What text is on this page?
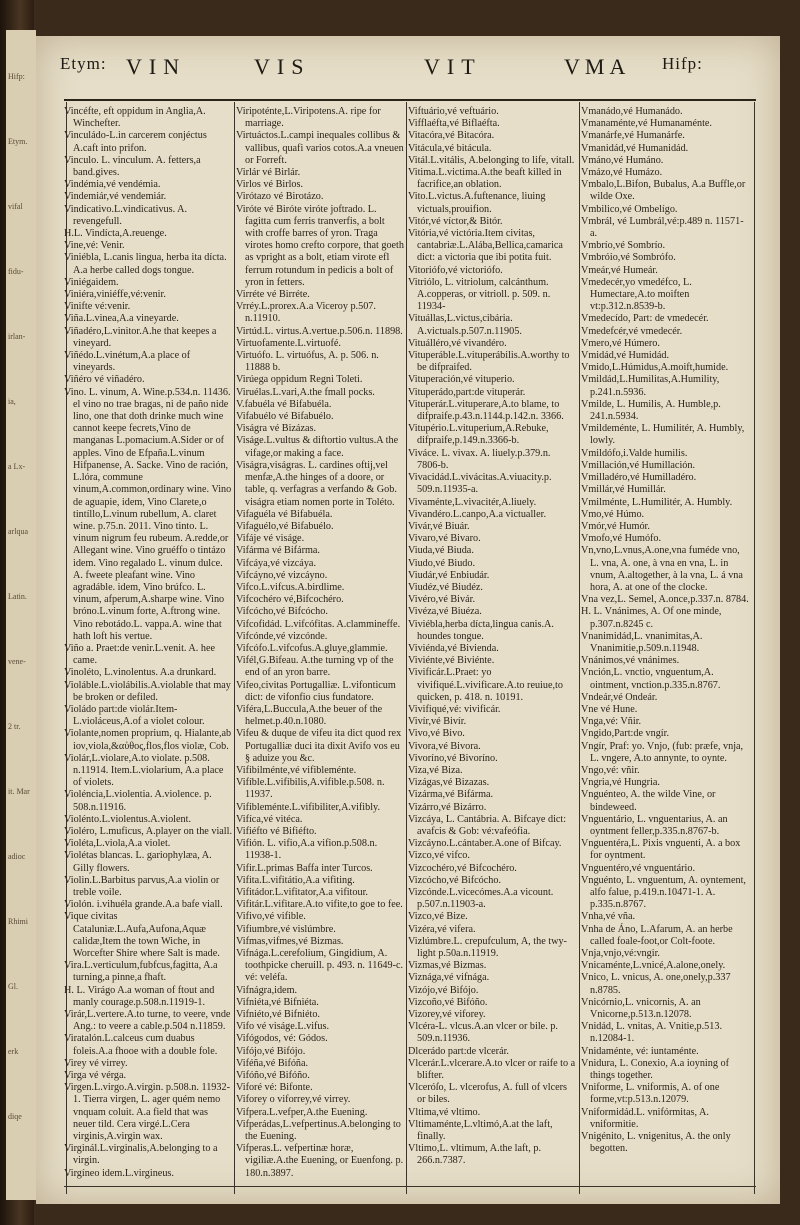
Hifp:
Etym.
vifal
fidu-
irlan-
ia,
a Lx-
arlqua
Latin.
vene-
2 tr.
it. Mar
adioc
Rhimi
Gl.
erk
diqe
Etym: VIN	VIS	VIT	VMA Hifp:
Vincéfte, eft oppidum in Anglia,A. Winchefter.
Vinculádo-L.in carcerem conjéctus A.caft into prifon.
Vinculo. L. vinculum. A. fetters,a band.gives.
Vindémia,vé vendémia.
Vindemiár,vé vendemiár.
Vindicativo.L.vindicativus. A. revengefull.
H.L. Vindícta,A.reuenge.
Vine,vé: Venir.
Viniébla, L.canis lingua, herba ita dícta. A.a herbe called dogs tongue.
Viniégaidem.
Viniéra,viniéffe,vé:venir.
Vinifte vé:venir.
Viña.L.vinea,A.a vineyarde.
Viñadéro,L.vinitor.A.he that keepes a vineyard.
Viñédo.L.vinétum,A.a place of vineyards.
Viñéro vé viñadéro.
Vino. L. vinum, A. Wine.p.534.n. 11436. el vino no trae bragas, ni de paño nide lino, one that doth drinke much wine cannot keepe fecrets,Vino de manganas L.pomacium.A.Sider or of apples. Vino de Efpaña.L.vinum Hifpanense, A. Sacke. Vino de ración, L.lóra, commune vinum,A.common,ordinary wine. Vino de aguapie, idem, Vino Clarete,o tintíllo,L.vinum rubellum, A. claret wine. p.75.n. 2011. Vino tinto. L. vinum nigrum feu rubeum. A.redde,or Allegant wine. Vino gruéffo o tintázo idem. Vino regalado L. vinum dulce. A. fweete pleafant wine. Vino agradáble. idem, Vino brúfco. L. vinum, afperum,A.sharpe wine. Vino bróno.L.vinum forte, A.ftrong wine. Vino rebotádo.L. vappa.A. wine that hath loft his vertue.
Viño a. Praet:de venir.L.venit. A. hee came.
Vinoléto, L.vinolentus. A.a drunkard.
Violáble.L.violábilis.A.violable that may be broken or defiled.
Violádo part:de violár.Item-L.violáceus,A.of a violet colour.
Violante,nomen proprium, q. Hialante,ab ioν,viola,&αὐθος,flos,flos violæ, Cob.
Violár,L.violare,A.to violate. p.508. n.11914. Item.L.violarium, A.a place of violets.
Violéncia,L.violentia. A.violence. p. 508.n.11916.
Violénto.L.violentus.A.violent.
Violéro, L.muficus, A.player on the viall.
Violéta,L.viola,A.a violet.
Violétas blancas. L. gariophylæa, A. Gilly flowers.
Violin.L.Barbitus parvus,A.a violin or treble voile.
Violón. i.vihuéla grande.A.a bafe viall.
Vique civitas Cataluniæ.L.Aufa,Aufona,Aquæ calidæ,Item the town Wiche, in Worcefter Shire where Salt is made.
Vira.L.verticulum,fubfcus,fagitta, A.a turning,a pinne,a fhaft.
H. L. Virágo A.a woman of ftout and manly courage.p.508.n.11919-1.
Virár,L.vertere.A.to turne, to veere, vnde Ang.: to veere a cable.p.504 n.11859.
Viratalón.L.calceus cum duabus foleis.A.a fhooe with a double fole.
Virey vé virrey.
Virga vé vérga.
Virgen.L.virgo.A.virgin. p.508.n. 11932-1. Tierra virgen, L. ager quém nemo vnquam coluit. A.a field that was neuer tild. Cera virgé.L.Cera virginis,A.virgin wax.
Virginál.L.virginalis,A.belonging to a virgin.
Virgíneo idem.L.virgineus.
Viripoténte,L.Viripotens.A. ripe for marriage.
Virtuáctos.L.campi inequales collibus & vallibus, quafi varios cotos.A.a vneuen or Forreft.
Virlár vé Birlár.
Virlos vé Birlos.
Virótazo vé Birotázo.
Viróte vé Biróte viróte joftrado. L. fagitta cum ferris tranverfis, a bolt with croffe barres of yron. Traga virotes homo crefto corpore, that goeth as vpright as a bolt, etiam virote efl ferrum rotundum in pedicis a bolt of yron in fetters.
Virréte vé Birréte.
Vrréy.L.prorex.A.a Viceroy p.507. n.11910.
Virtúd.L. virtus.A.vertue.p.506.n. 11898.
Virtuofamente.L.virtuofé.
Virtuófo. L. virtuófus, A. p. 506. n. 11888 b.
Virúega oppidum Regni Toleti.
Viruélas.L.vari,A.the fmall pocks.
V.fabuéla vé Bifabuéla.
Vifabuélo vé Bifabuélo.
Viságra vé Bizázas.
Viságe.L.vultus & diftortio vultus.A the vifage,or making a face.
Viságra,viságras. L. cardines oftij,vel menfæ,A.the hinges of a doore, or table, q. verfagras a verfando & Gob. viságra etiam nomen porte in Toléto.
Vifaguéla vé Bifabuéla.
Vifaguélo,vé Bifabuélo.
Vifáje vé viságe.
Vifárma vé Bifárma.
Vifcáya,vé vizcáya.
Vifcáyno,vé vizcáyno.
Vifco.L.vifcus.A.birdlime.
Vifcochéro vé,Bifcochéro.
Vifcócho,vé Bifcócho.
Vifcofidád. L.vifcófitas. A.clammineffe.
Vifcónde,vé vizcónde.
Vifcófo.L.vifcofus.A.gluye,glammie.
Vifél,G.Bifeau. A.the turning vp of the end of an yron barre.
Vifeo,civitas Portugalliæ. L.vifonticum dict: de vifonfio cius fundatore.
Viféra,L.Buccula,A.the beuer of the helmet.p.40.n.1080.
Vifeu & duque de vifeu ita dict quod rex Portugalliæ duci ita dixit Avifo vos eu § aduize you &c.
Vifibilménte,vé vifibleménte.
Vifíble.L.vifibilis,A.vifible.p.508. n. 11937.
Vifibleménte.L.vifibiliter,A.vifibly.
Vifíca,vé vitéca.
Vifiéfto vé Bifiéfto.
Vifión. L. vifio,A.a vifion.p.508.n. 11938-1.
Vifir.L.primas Baffa inter Turcos.
Vifita.L.vifitátio,A.a vifiting.
Vifitádor.L.vifitator,A.a vifitour.
Vifitár.L.vifitare.A.to vifite,to goe to fee.
Vifivo,vé vifible.
Vifiumbre,vé vislúmbre.
Vifmas,vifmes,vé Bizmas.
Vifnága.L.cerefolium, Gingidium, A. toothpicke cheruill. p. 493. n. 11649-c. vé: veléfa.
Vifnágra,idem.
Vifniéta,vé Bifniéta.
Vifniéto,vé Bifniéto.
Vifo vé viságe.L.vifus.
Vifógodos, vé: Gódos.
Vifójo,vé Bifójo.
Viféña,vé Bifóña.
Vifóño,vé Bifóño.
Viforé vé: Bifonte.
Viforey o viforrey,vé virrey.
Vifpera.L.vefper,A.the Euening.
Vifperádas,L.vefpertinus.A.belonging to the Euening.
Vifperas.L. vefpertinæ horæ, vigiliæ.A.the Euening, or Euenfong. p. 180.n.3897.
Viftuário,vé veftuário.
Vifflaéfta,vé Biflaéfta.
Vitacóra,vé Bitacóra.
Vitácula,vé bitácula.
Vitál.L.vitális, A.belonging to life, vitall.
Vitima.L.victima.A.the beaft killed in facrifice,an oblation.
Vito.L.victus.A.fuftenance, liuing victuals,prouifion.
Vitór,vé víctor,& Bitór.
Vitória,vé victória.Item civitas, cantabriæ.L.Alába,Bellica,camarica dict: a victoria que ibi potita fuit.
Vitoriófo,vé victoriófo.
Vitriólo, L. vitriolum, calcánthum. A.copperas, or vitrioll. p. 509. n. 11934-
Vituállas,L.victus,cibária. A.victuals.p.507.n.11905.
Vituálléro,vé vivandéro.
Vituperáble.L.vituperábilis.A.worthy to be difpraifed.
Vituperación,vé vituperio.
Vituperádo,part:de vituperár.
Vituperár.L.vituperare,A.to blame, to difpraife.p.43.n.1144.p.142.n. 3366.
Vitupério.L.vituperium,A.Rebuke, difpraife,p.149.n.3366-b.
Viváce. L. vivax. A. liuely.p.379.n. 7806-b.
Vivacidád.L.vivácitas.A.viuacity.p. 509.n.11935-a.
Vivaménte,L.vivacitér,A.liuely.
Vivandéro.L.canpo,A.a victualler.
Vivár,vé Biuár.
Vivaro,vé Bivaro.
Viuda,vé Biuda.
Viudo,vé Biudo.
Viudár,vé Enbiudár.
Viudéz,vé Biudéz.
Vivéro,vé Bivár.
Vivéza,vé Biuéza.
Viviébla,herba dícta,lingua canis.A. houndes tongue.
Viviénda,vé Bivienda.
Viviénte,vé Biviénte.
Vivificár.L.Praet: yo vivifiqué.L.vivificare.A.to reuiue,to quicken, p. 418. n. 10191.
Vivifiqué,vé: vivificár.
Vivír,vé Bivír.
Vivo,vé Bivo.
Vivora,vé Bivora.
Vivoríno,vé Bivoríno.
Viza,vé Biza.
Vizágas,vé Bizazas.
Vizárma,vé Bifárma.
Vizárro,vé Bizárro.
Vizcáya, L. Cantábria. A. Bifcaye dict: avafcis & Gob: vé:vafeófia.
Vizcáyno.L.cántaber.A.one of Bifcay.
Vizco,vé vifco.
Vizcochéro,vé Bifcochéro.
Vizcócho,vé Bifcócho.
Vizcónde.L.vicecómes.A.a vicount. p.507.n.11903-a.
Vizco,vé Bize.
Vizéra,vé vifera.
Vizlúmbre.L. crepufculum, A, the twy-light p.50a.n.11919.
Vizmas,vé Bizmas.
Viznága,vé vifnága.
Vizójo,vé Bifójo.
Vizcoño,vé Bifóño.
Vizorey,vé viforey.
Vlcéra-L. vlcus.A.an vlcer or bile. p. 509.n.11936.
Dlcerádo part:de vlcerár.
Vlcerár.L.vlcerare.A.to vlcer or raife to a blifter.
Vlceróſo, L. vlcerofus, A. full of vlcers or biles.
Vltima,vé vltimo.
Vltimaménte,L.vltimó,A.at the laft, finally.
Vltimo,L. vltimum, A.the laft, p. 266.n.7387.
Vmanádo,vé Humanádo.
Vmanaménte,vé Humanaménte.
Vmanárfe,vé Humanárfe.
Vmanidád,vé Humanidád.
Vmáno,vé Humáno.
Vmázo,vé Humázo.
Vmbalo,L.Bifon, Bubalus, A.a Buffle,or wilde Oxe.
Vmbilico,vé Ombelígo.
Vmbrál, vé Lumbrál,vé:p.489 n. 11571-a.
Vmbrío,vé Sombrío.
Vmbróio,vé Sombrófo.
Vmeár,vé Humeár.
Vmedecér,yo vmedéfco, L. Humectare,A.to moiften vt:p.312.n.8539-b.
Vmedecído, Part: de vmedecér.
Vmedefcér,vé vmedecér.
Vmero,vé Húmero.
Vmidád,vé Humidád.
Vmido,L.Húmidus,A.moift,humide.
Vmildád,L.Humilitas,A.Humility, p.241.n.5936.
Vmilde, L. Humilis, A. Humble,p. 241.n.5934.
Vmildeménte, L. Humilitér, A. Humbly, lowly.
Vmildófo,i.Valde humilis.
Vmillación,vé Humillación.
Vmilladéro,vé Humilladéro.
Vmillár,vé Humillár.
Vmilménte, L.Humilitér, A. Humbly.
Vmo,vé Húmo.
Vmór,vé Humór.
Vmofo,vé Humófo.
Vn,vno,L.vnus,A.one,vna fuméde vno, L. vna, A. one, à vna en vna, L. in vnum, A.altogether, à la vna, L. á vna hora, A. at one of the clocke.
Vna vez,L. Semel, A.once,p.337.n. 8784.
H. L. Vnánimes, A. Of one minde, p.307.n.8245 c.
Vnanimidád,L. vnanimitas,A. Vnanimitie,p.509.n.11948.
Vnánimos,vé vnánimes.
Vnción,L. vnctio, vnguentum,A. ointment, vnction.p.335.n.8767.
Vndeár,vé Ondeár.
Vne vé Hune.
Vnga,vé: Vñir.
Vngido,Part:de vngír.
Vngír, Praf: yo. Vnjo, (fub: præfe, vnja, L. vngere, A.to annynte, to oynte.
Vngo,vé: vñir.
Vngria,vé Hungria.
Vnguénteo, A. the wilde Vine, or bindeweed.
Vnguentário, L. vnguentarius, A. an oyntment feller,p.335.n.8767-b.
Vnguentéra,L. Pixis vnguenti, A. a box for oyntment.
Vnguentéro,vé vnguentário.
Vnguénto, L. vnguentum, A. oyntement, alfo falue, p.419.n.10471-1. A. p.335.n.8767.
Vnha,vé vña.
Vnha de Áno, L.Afarum, A. an herbe called foale-foot,or Colt-foote.
Vnja,vnjo,vé:vngir.
Vnicaménte,L.vnicé,A.alone,onely.
Vnico, L. vnicus, A. one,onely,p.337 n.8785.
Vnicórnio,L. vnicornis, A. an Vnicorne,p.513.n.12078.
Vnidád, L. vnitas, A. Vnitie,p.513. n.12084-1.
Vnidaménte, vé: iuntaménte.
Vnidura, L. Conexio, A.a ioyning of things together.
Vniforme, L. vniformis, A. of one forme,vt:p.513.n.12079.
Vniformidád.L. vnifórmitas, A. vniformitie.
Vnigénito, L. vnigenitus, A. the only begotten.
